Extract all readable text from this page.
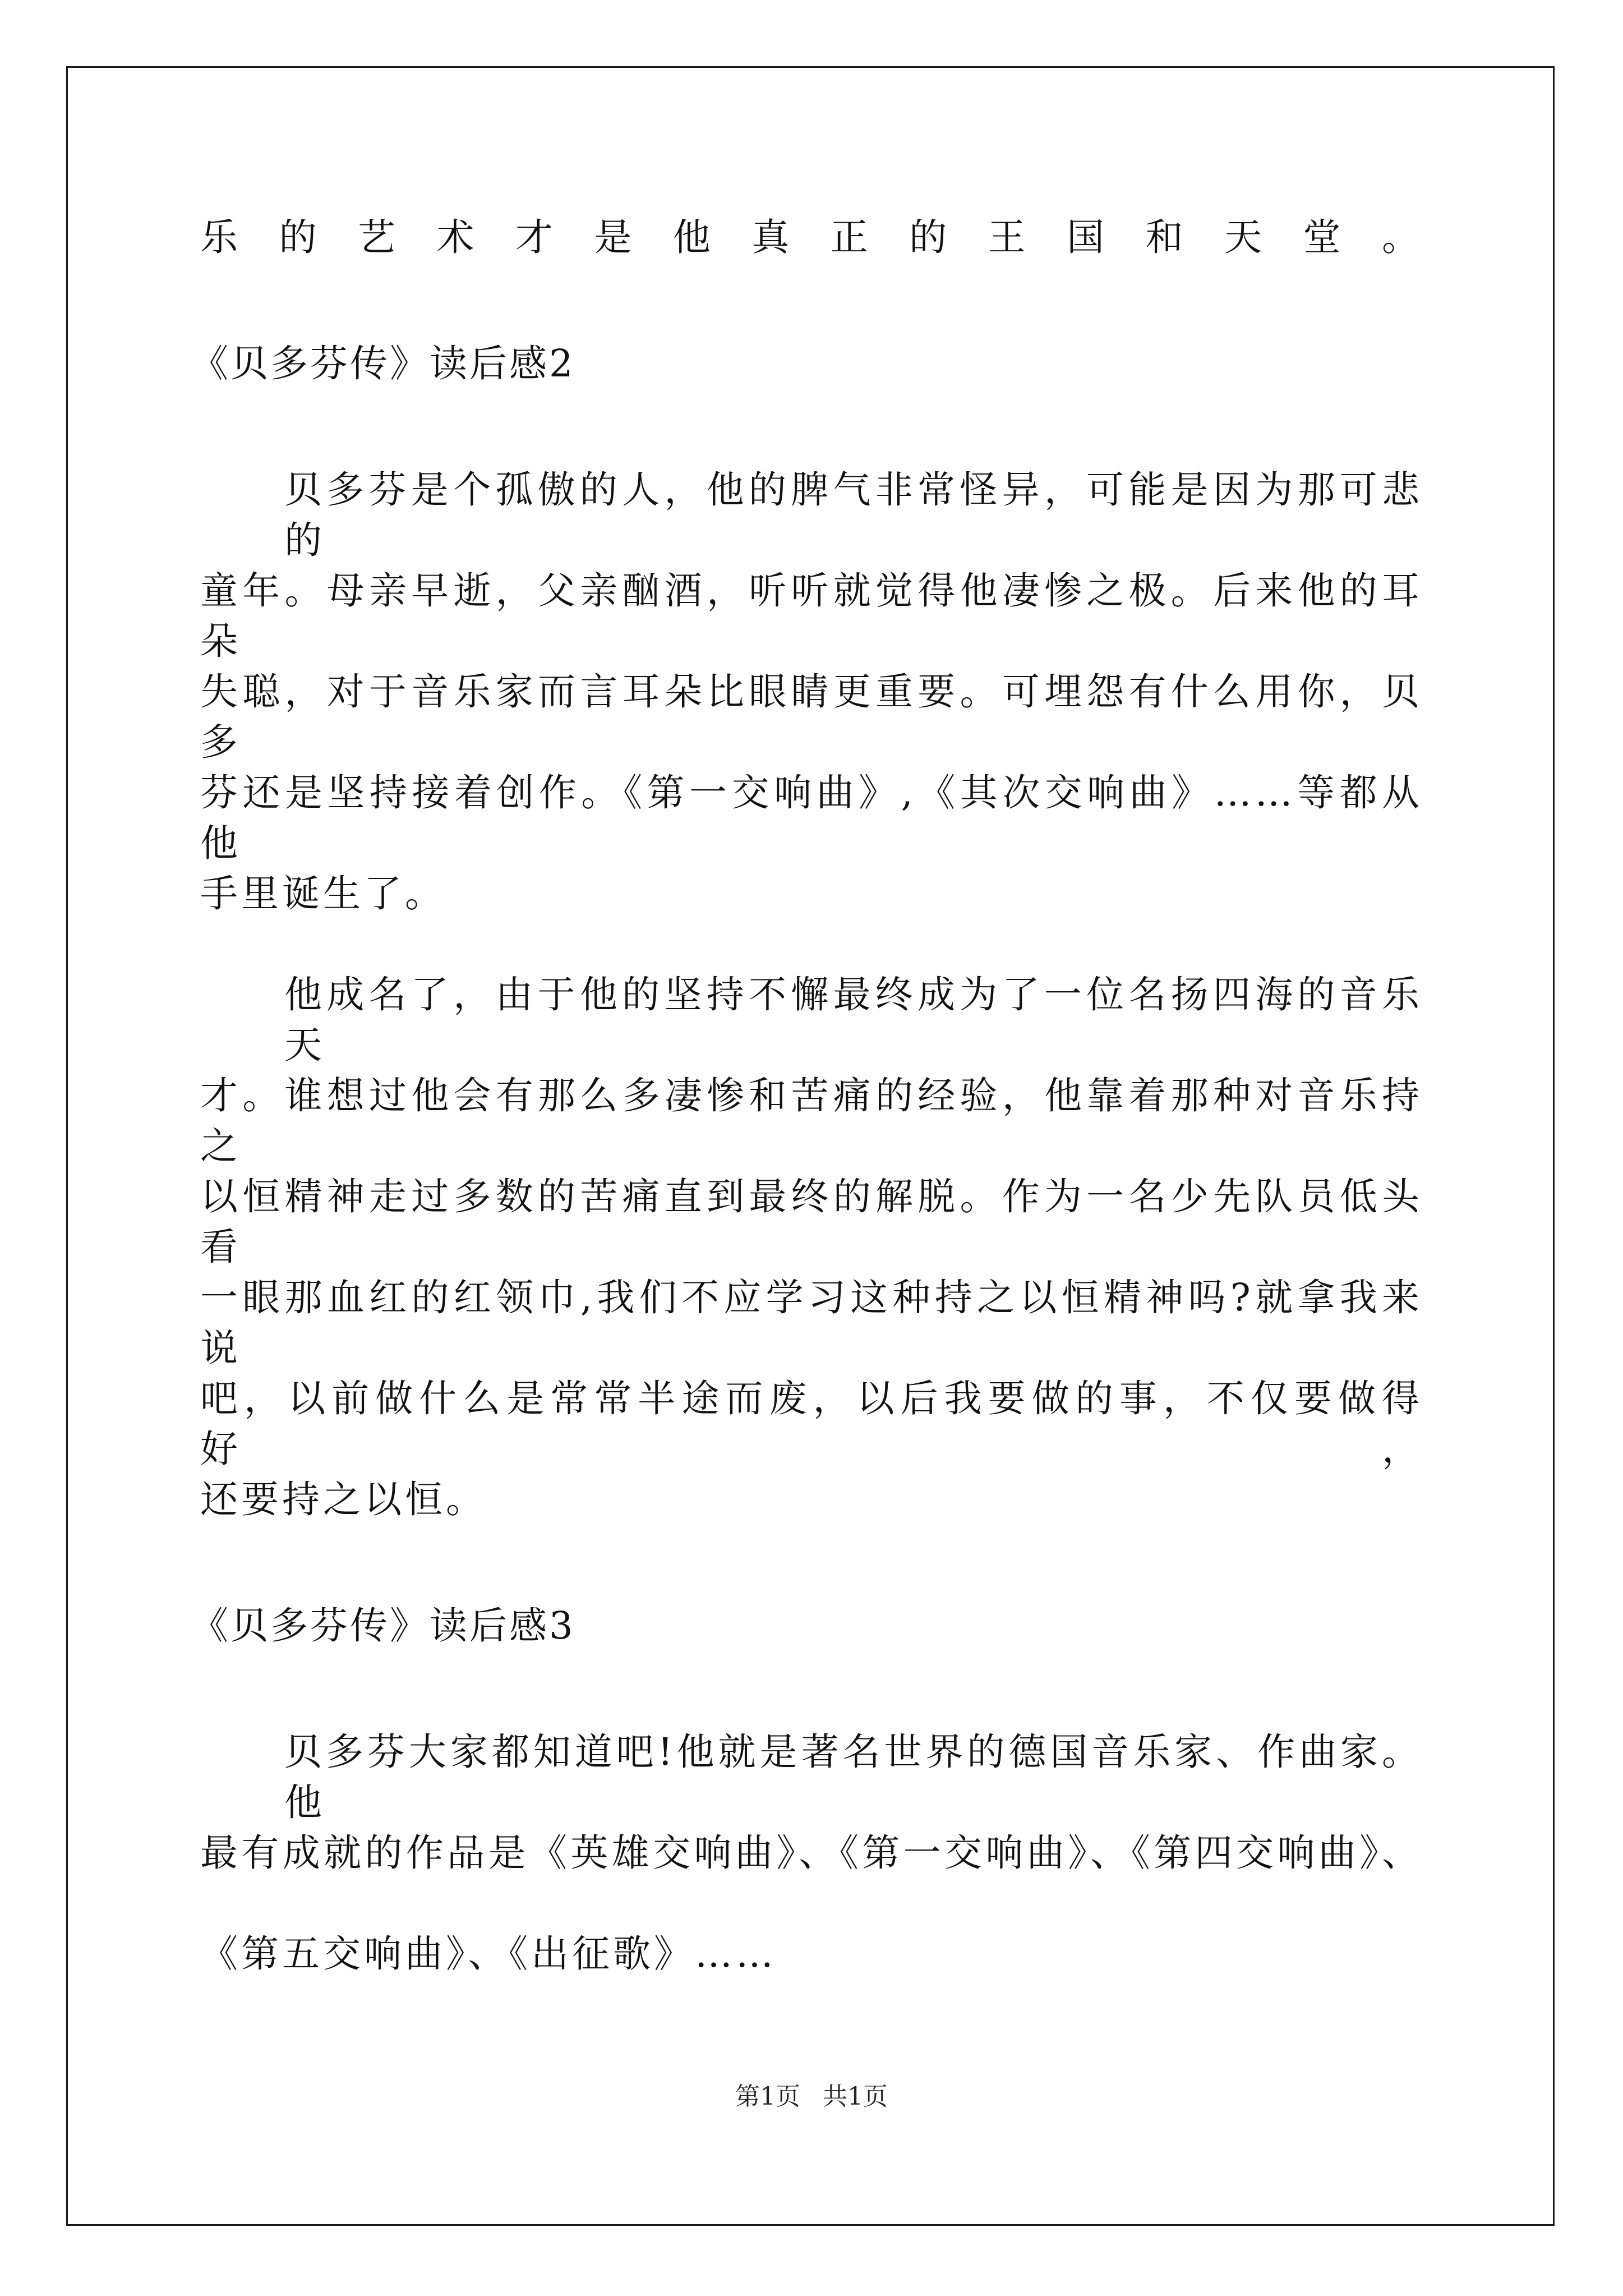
乐的艺术才是他真正的王国和天堂。
《贝多芬传》读后感2
贝多芬是个孤傲的人，他的脾气非常怪异，可能是因为那可悲的
童年。母亲早逝，父亲酗酒，听听就觉得他凄惨之极。后来他的耳朵
失聪，对于音乐家而言耳朵比眼睛更重要。可埋怨有什么用你，贝多
芬还是坚持接着创作。《第一交响曲》,《其次交响曲》……等都从他
手里诞生了。
他成名了，由于他的坚持不懈最终成为了一位名扬四海的音乐天
才。谁想过他会有那么多凄惨和苦痛的经验，他靠着那种对音乐持之
以恒精神走过多数的苦痛直到最终的解脱。作为一名少先队员低头看
一眼那血红的红领巾,我们不应学习这种持之以恒精神吗?就拿我来说
吧，以前做什么是常常半途而废，以后我要做的事，不仅要做得好，
还要持之以恒。
《贝多芬传》读后感3
贝多芬大家都知道吧!他就是著名世界的德国音乐家、作曲家。他
最有成就的作品是《英雄交响曲》、《第一交响曲》、《第四交响曲》、
《第五交响曲》、《出征歌》……
第1页 共1页
